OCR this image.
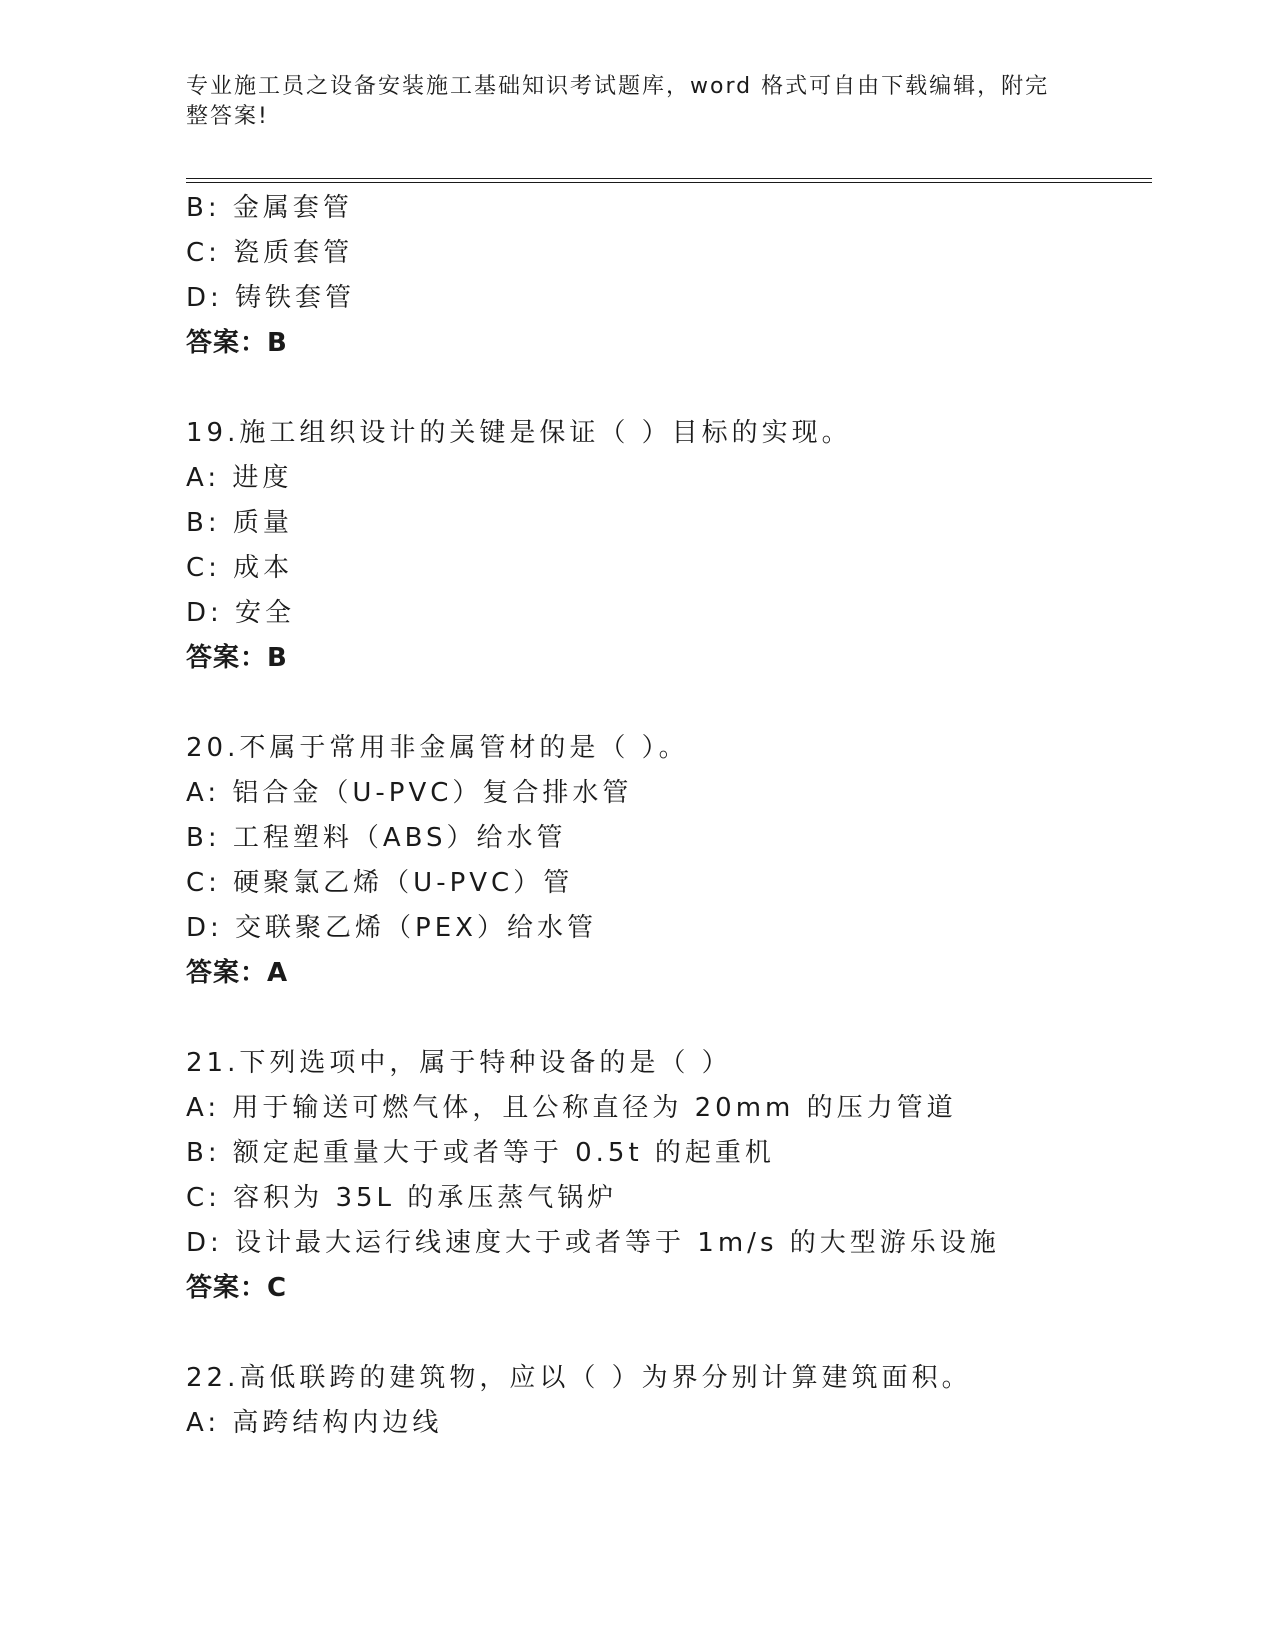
专业施工员之设备安装施工基础知识考试题库，word 格式可自由下载编辑，附完
整答案!
B: 金属套管
C: 瓷质套管
D: 铸铁套管
答案：B
19.施工组织设计的关键是保证（ ）目标的实现。
A: 进度
B: 质量
C: 成本
D: 安全
答案：B
20.不属于常用非金属管材的是（ ）。
A: 铝合金（U-PVC）复合排水管
B: 工程塑料（ABS）给水管
C: 硬聚氯乙烯（U-PVC）管
D: 交联聚乙烯（PEX）给水管
答案：A
21.下列选项中，属于特种设备的是（ ）
A: 用于输送可燃气体，且公称直径为 20mm 的压力管道
B: 额定起重量大于或者等于 0.5t 的起重机
C: 容积为 35L 的承压蒸气锅炉
D: 设计最大运行线速度大于或者等于 1m/s 的大型游乐设施
答案：C
22.高低联跨的建筑物，应以（ ）为界分别计算建筑面积。
A: 高跨结构内边线
